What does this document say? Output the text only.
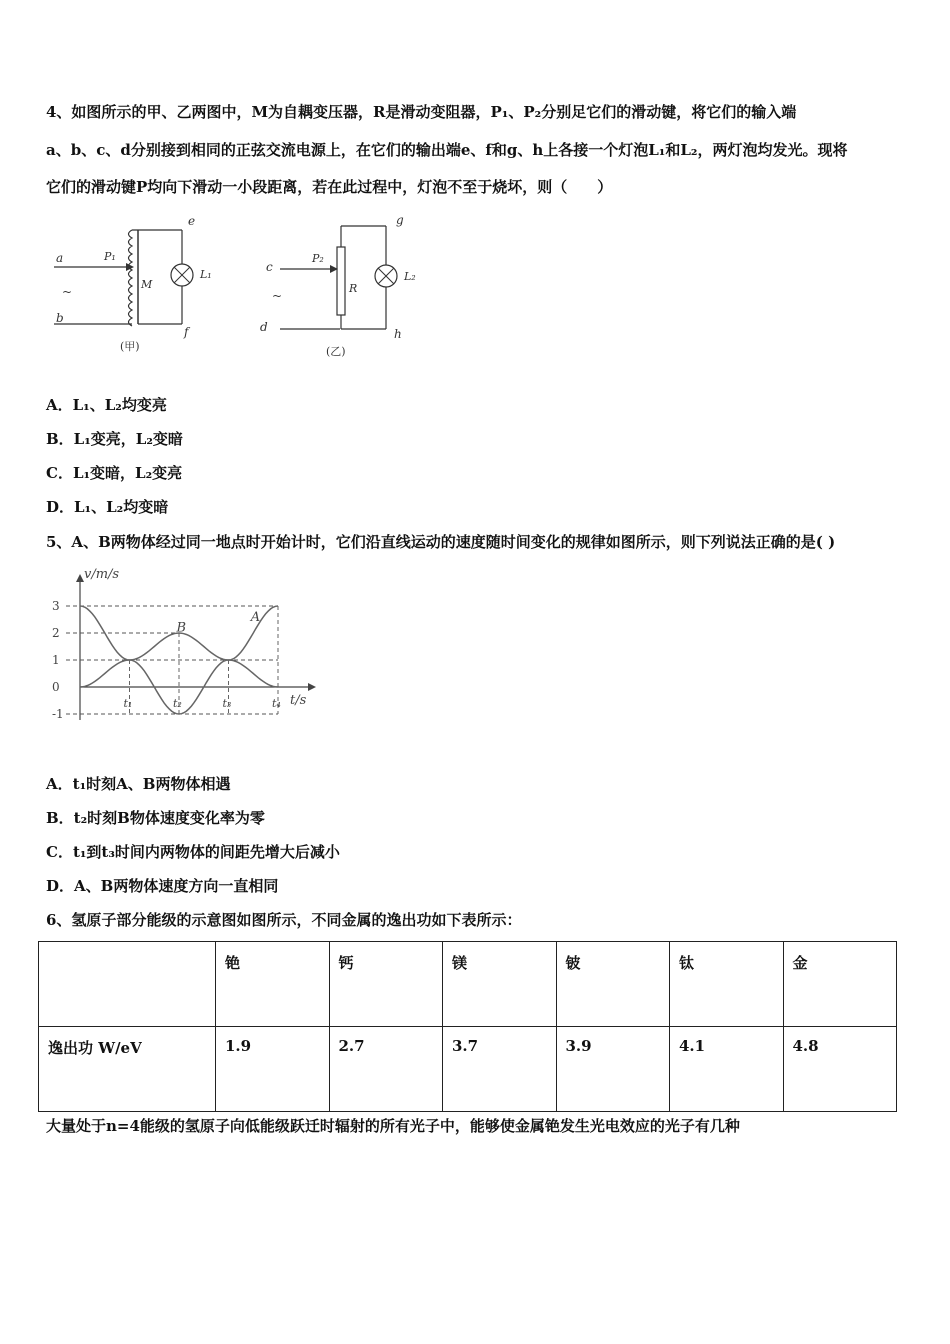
4、如图所示的甲、乙两图中，M为自耦变压器，R是滑动变阻器，P₁、P₂分别足它们的滑动键，将它们的输入端
a、b、c、d分别接到相同的正弦交流电源上，在它们的输出端e、f和g、h上各接一个灯泡L₁和L₂，两灯泡均发光。现将
它们的滑动键P均向下滑动一小段距离，若在此过程中，灯泡不至于烧坏，则（　　）
a
b
~
P₁
M
e
f
L₁
(甲)
c
d
~
P₂
R
g
h
L₂
(乙)
A．L₁、L₂均变亮
B．L₁变亮，L₂变暗
C．L₁变暗，L₂变亮
D．L₁、L₂均变暗
5、A、B两物体经过同一地点时开始计时，它们沿直线运动的速度随时间变化的规律如图所示，则下列说法正确的是( )
3
2
1
0
-1
t₁	t₂	t₃	t₄
v/m/s
t/s
A
B
A．t₁时刻A、B两物体相遇
B．t₂时刻B物体速度变化率为零
C．t₁到t₃时间内两物体的间距先增大后减小
D．A、B两物体速度方向一直相同
6、氢原子部分能级的示意图如图所示，不同金属的逸出功如下表所示：
	铯	钙	镁	铍	钛	金
逸出功 W/eV	1.9	2.7	3.7	3.9	4.1	4.8
大量处于n=4能级的氢原子向低能级跃迁时辐射的所有光子中，能够使金属铯发生光电效应的光子有几种
